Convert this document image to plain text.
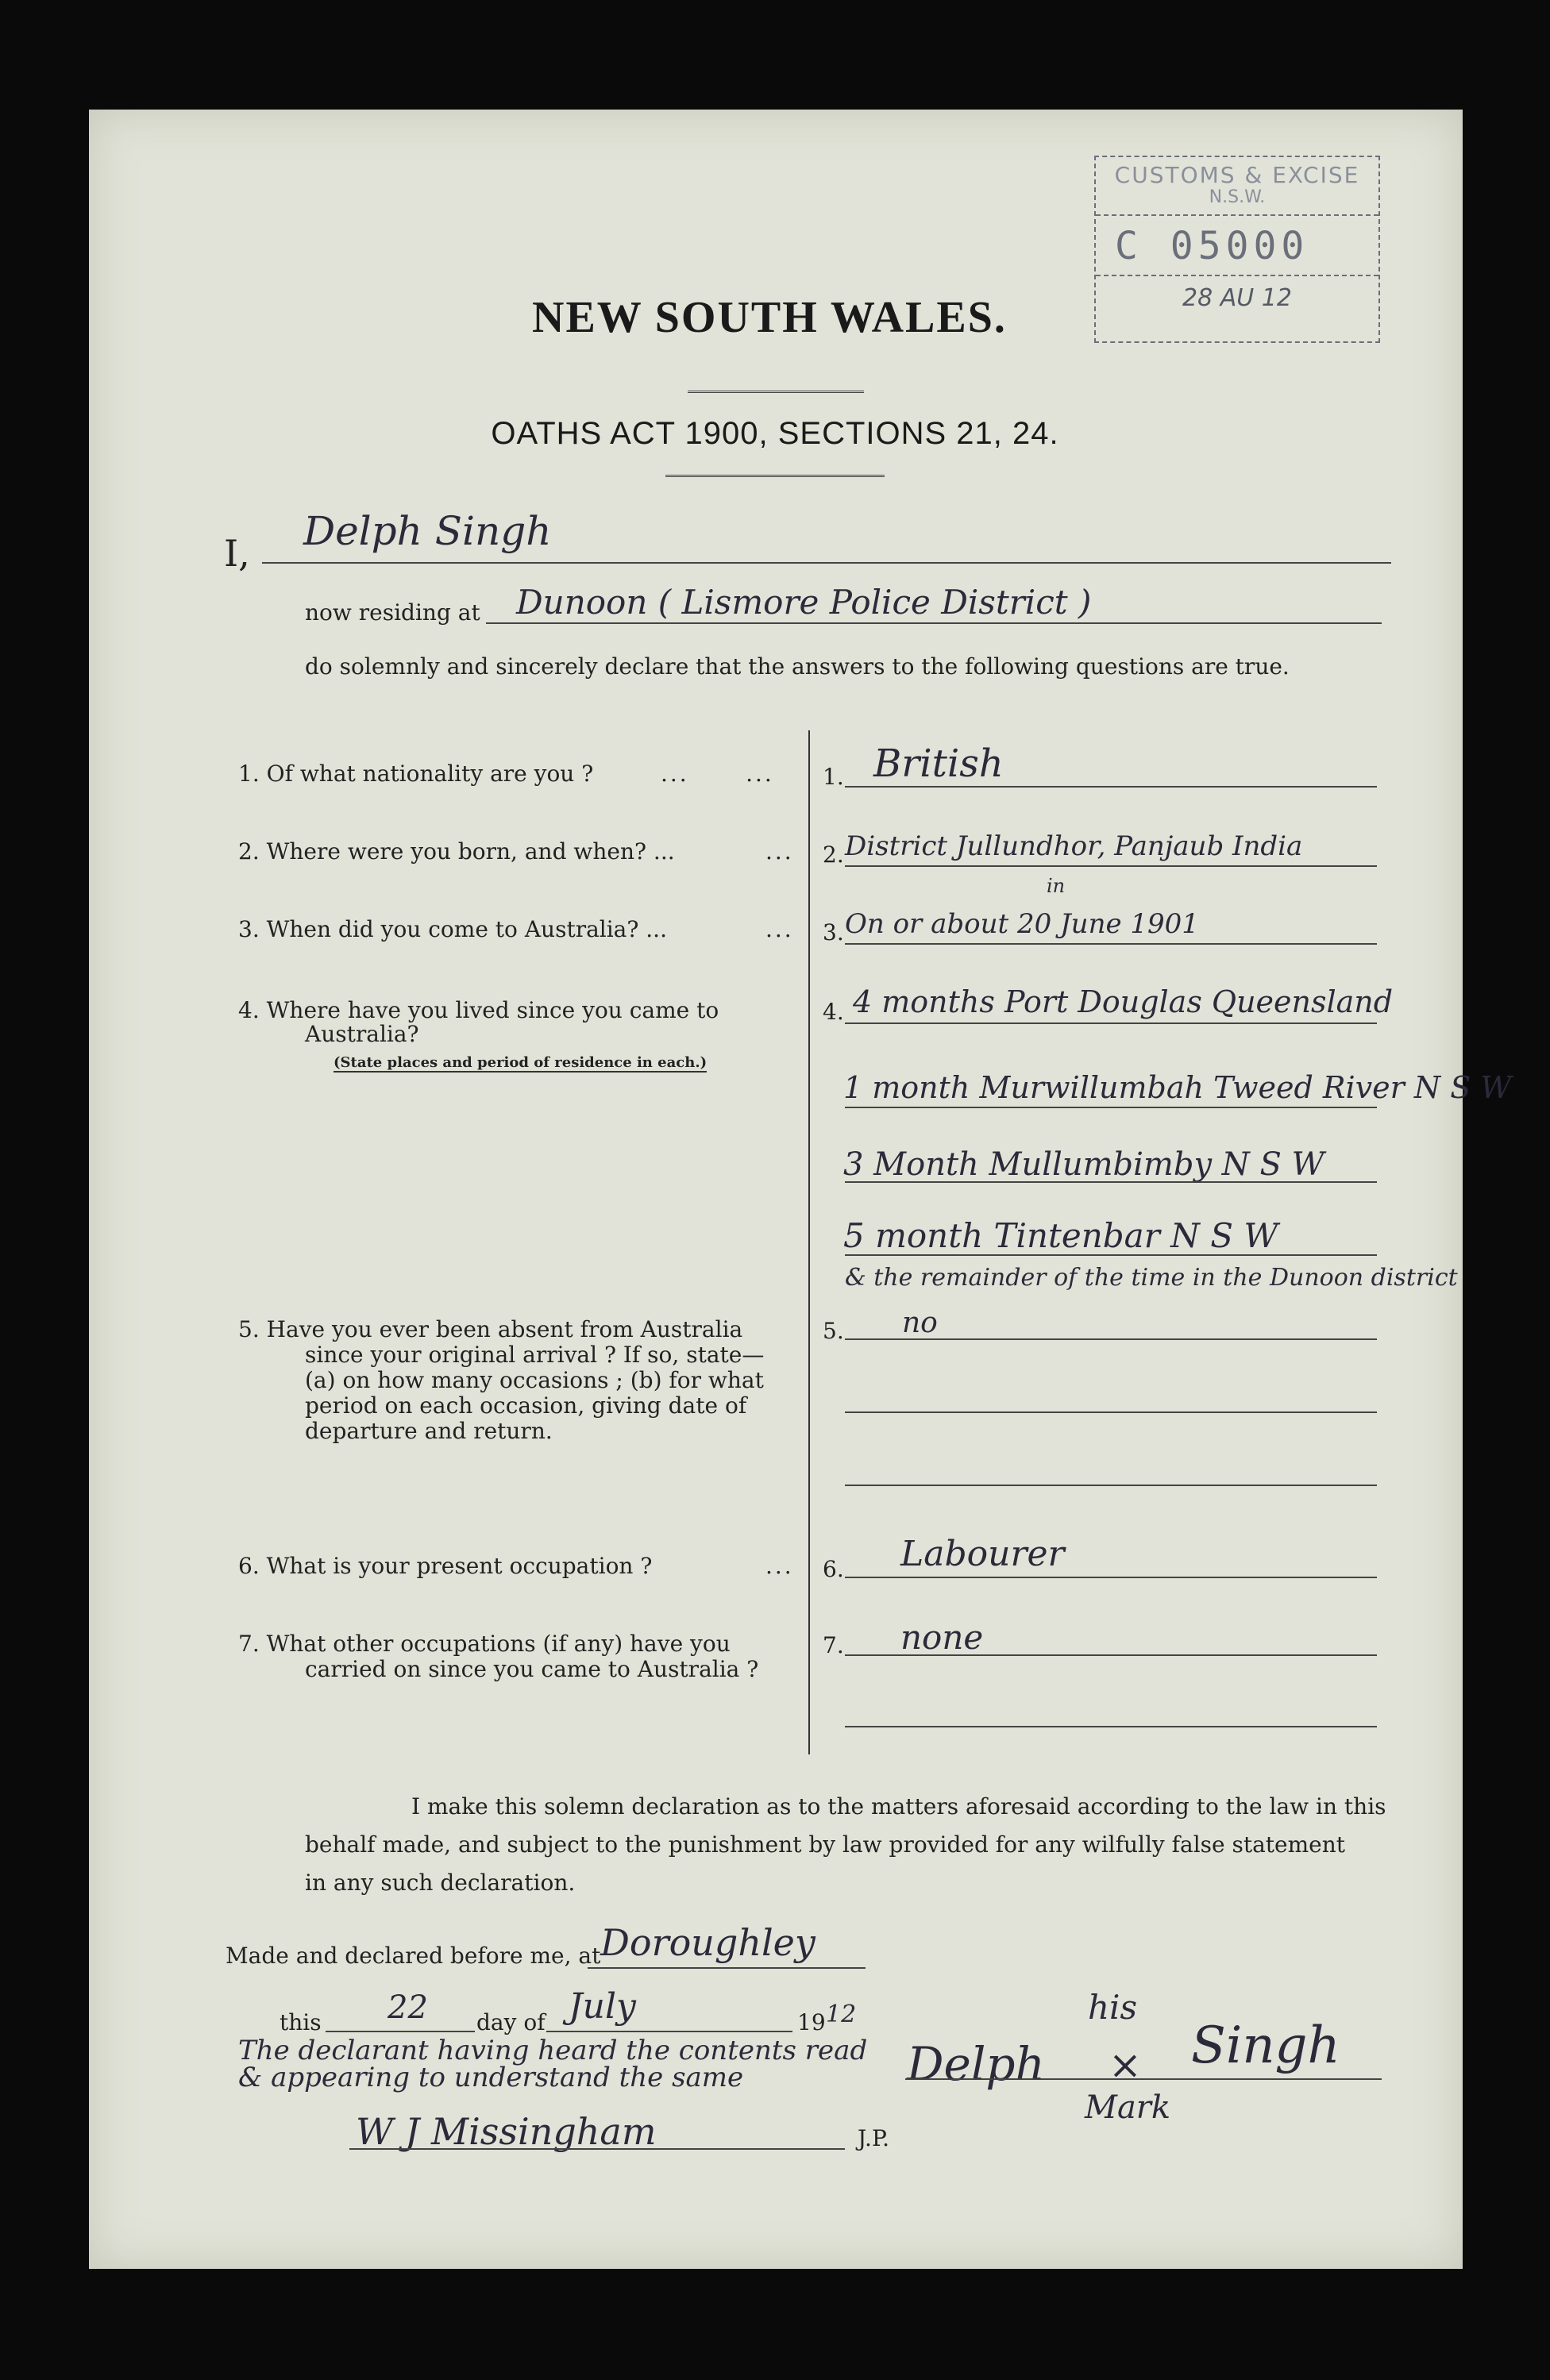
CUSTOMS & EXCISE
N.S.W.
C 05000
28 AU 12
NEW SOUTH WALES.
OATHS ACT 1900, SECTIONS 21, 24.
I, Delph Singh
now residing at Dunoon ( Lismore Police District )
do solemnly and sincerely declare that the answers to the following questions are true.
1. Of what nationality are you ?	...      ... 1. British
2. Where were you born, and when? ...	... 2. District Jullundhor, Panjaub India
in
3. When did you come to Australia? ...	... 3. On or about 20 June 1901
4. Where have you lived since you came to
Australia?
(State places and period of residence in each.)
4. 4 months Port Douglas Queensland
1 month Murwillumbah Tweed River N S W
3 Month Mullumbimby N S W
5 month Tintenbar N S W
& the remainder of the time in the Dunoon district
5. Have you ever been absent from Australia
since your original arrival ? If so, state—
(a) on how many occasions ; (b) for what
period on each occasion, giving date of
departure and return.
5. no
6. What is your present occupation ?	... 6. Labourer
7. What other occupations (if any) have you
carried on since you came to Australia ?
7. none
I make this solemn declaration as to the matters aforesaid according to the law in this
behalf made, and subject to the punishment by law provided for any wilfully false statement
in any such declaration.
Made and declared before me, at Doroughley
this 22 day of July	19 12
The declarant having heard the contents read & appearing to understand the same
W J Missingham	J.P.
Delph
his
× Singh
Mark
